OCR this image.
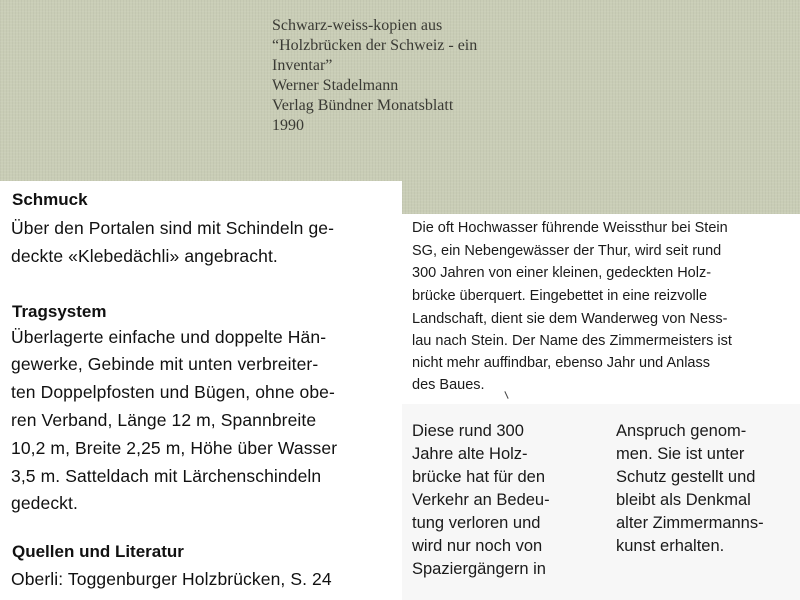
Schwarz-weiss-kopien aus
“Holzbrücken der Schweiz - ein
Inventar”
Werner Stadelmann
Verlag Bündner Monatsblatt
1990
Schmuck
Über den Portalen sind mit Schindeln ge-
deckte «Klebedächli» angebracht.
Tragsystem
Überlagerte einfache und doppelte Hän-
gewerke, Gebinde mit unten verbreiter-
ten Doppelpfosten und Bügen, ohne obe-
ren Verband, Länge 12 m, Spannbreite
10,2 m, Breite 2,25 m, Höhe über Wasser
3,5 m. Satteldach mit Lärchenschindeln
gedeckt.
Quellen und Literatur
Oberli: Toggenburger Holzbrücken, S. 24
Die oft Hochwasser führende Weissthur bei Stein
SG, ein Nebengewässer der Thur, wird seit rund
300 Jahren von einer kleinen, gedeckten Holz-
brücke überquert. Eingebettet in eine reizvolle
Landschaft, dient sie dem Wanderweg von Ness-
lau nach Stein. Der Name des Zimmermeisters ist
nicht mehr auffindbar, ebenso Jahr und Anlass
des Baues.
Diese rund 300
Jahre alte Holz-
brücke hat für den
Verkehr an Bedeu-
tung verloren und
wird nur noch von
Spaziergängern in
Anspruch genom-
men. Sie ist unter
Schutz gestellt und
bleibt als Denkmal
alter Zimmermanns-
kunst erhalten.
